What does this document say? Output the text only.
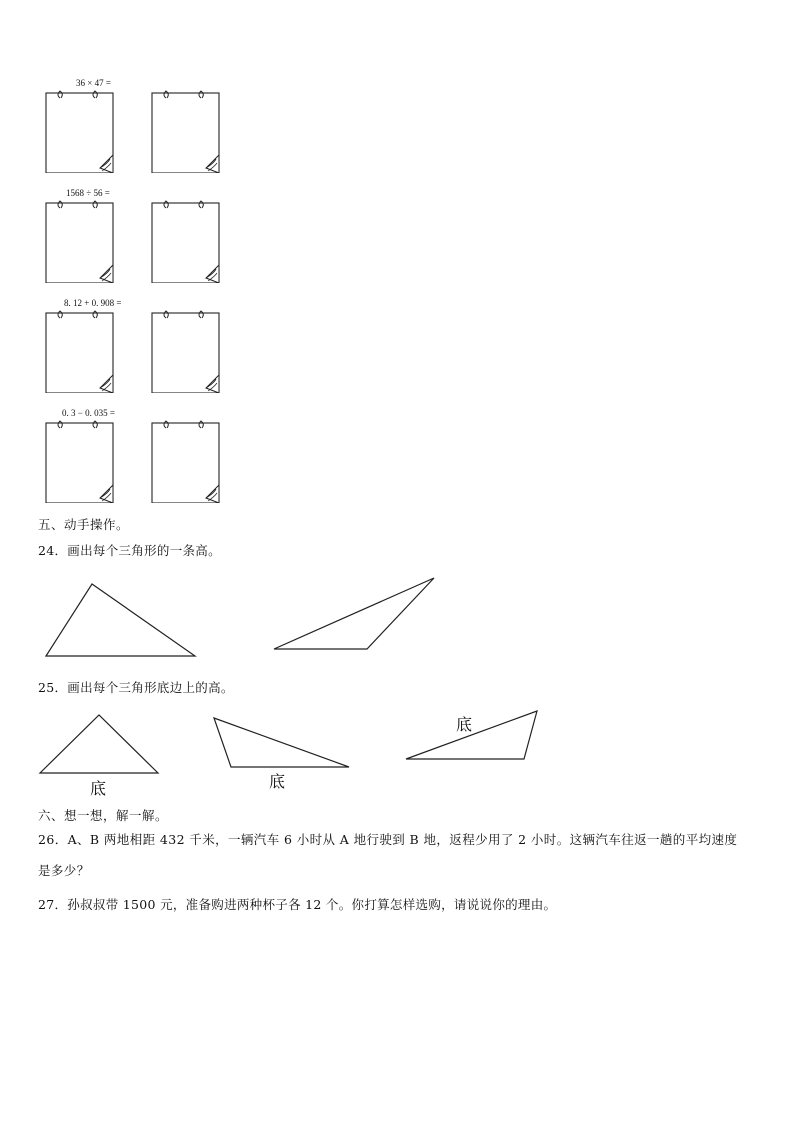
36 × 47 =
1568 ÷ 56 =
8. 12 + 0. 908 =
0. 3 − 0. 035 =
五、动手操作。
24．画出每个三角形的一条高。
25．画出每个三角形底边上的高。
底	底
底
六、想一想，解一解。
26．A、B 两地相距 432 千米，一辆汽车 6 小时从 A 地行驶到 B 地，返程少用了 2 小时。这辆汽车往返一趟的平均速度是多少？
27．孙叔叔带 1500 元，准备购进两种杯子各 12 个。你打算怎样选购，请说说你的理由。
